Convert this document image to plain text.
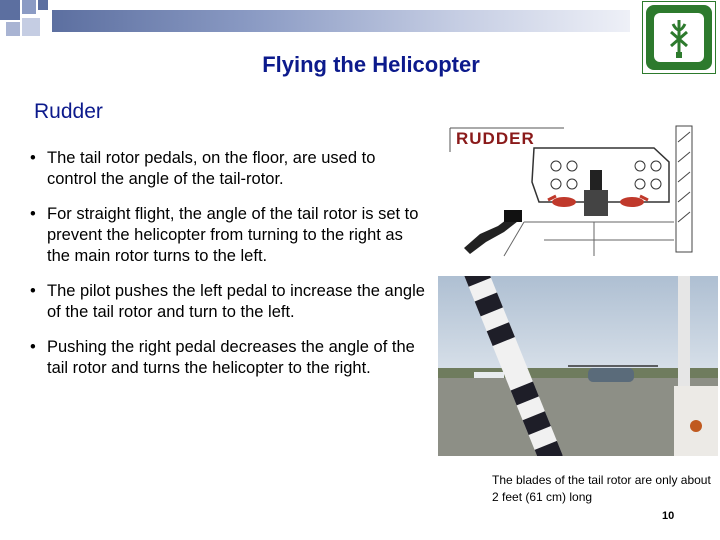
Flying the Helicopter
Rudder
• The tail rotor pedals, on the floor, are used to control the angle of the tail-rotor.
• For straight flight, the angle of the tail rotor is set to prevent the helicopter from turning to the right as the main rotor turns to the left.
• The pilot pushes the left pedal to increase the angle of the tail rotor and turn to the left.
• Pushing the right pedal decreases the angle of the tail rotor and turns the helicopter to the right.
RUDDER
The blades of the tail rotor are only about 2 feet (61 cm) long
10
